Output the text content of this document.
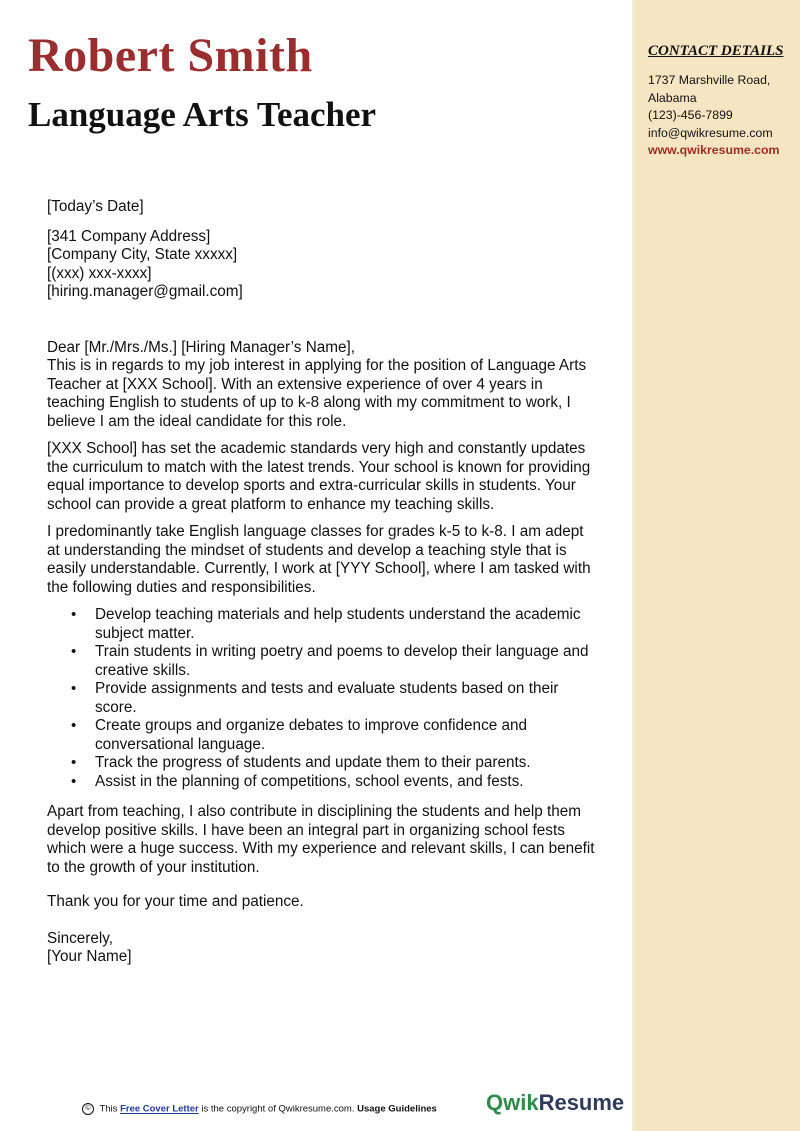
CONTACT DETAILS
1737 Marshville Road,
Alabama
(123)-456-7899
info@qwikresume.com
www.qwikresume.com
Robert Smith
Language Arts Teacher

[Today’s Date]

[341 Company Address]

[Company City, State xxxxx]

[(xxx) xxx-xxxx]

[hiring.manager@gmail.com]

Dear [Mr./Mrs./Ms.] [Hiring Manager’s Name],

This is in regards to my job interest in applying for the position of Language Arts Teacher at [XXX School]. With an extensive experience of over 4 years in teaching English to students of up to k-8 along with my commitment to work, I believe I am the ideal candidate for this role.

[XXX School] has set the academic standards very high and constantly updates the curriculum to match with the latest trends. Your school is known for providing equal importance to develop sports and extra-curricular skills in students. Your school can provide a great platform to enhance my teaching skills.

I predominantly take English language classes for grades k-5 to k-8. I am adept at understanding the mindset of students and develop a teaching style that is easily understandable. Currently, I work at [YYY School], where I am tasked with the following duties and responsibilities.

• Develop teaching materials and help students understand the academic subject matter.
• Train students in writing poetry and poems to develop their language and creative skills.
• Provide assignments and tests and evaluate students based on their score.
• Create groups and organize debates to improve confidence and conversational language.
• Track the progress of students and update them to their parents.
• Assist in the planning of competitions, school events, and fests.

Apart from teaching, I also contribute in disciplining the students and help them develop positive skills. I have been an integral part in organizing school fests which were a huge success. With my experience and relevant skills, I can benefit to the growth of your institution.

Thank you for your time and patience.

Sincerely,

[Your Name]

© This Free Cover Letter is the copyright of Qwikresume.com. Usage Guidelines QwikResume
